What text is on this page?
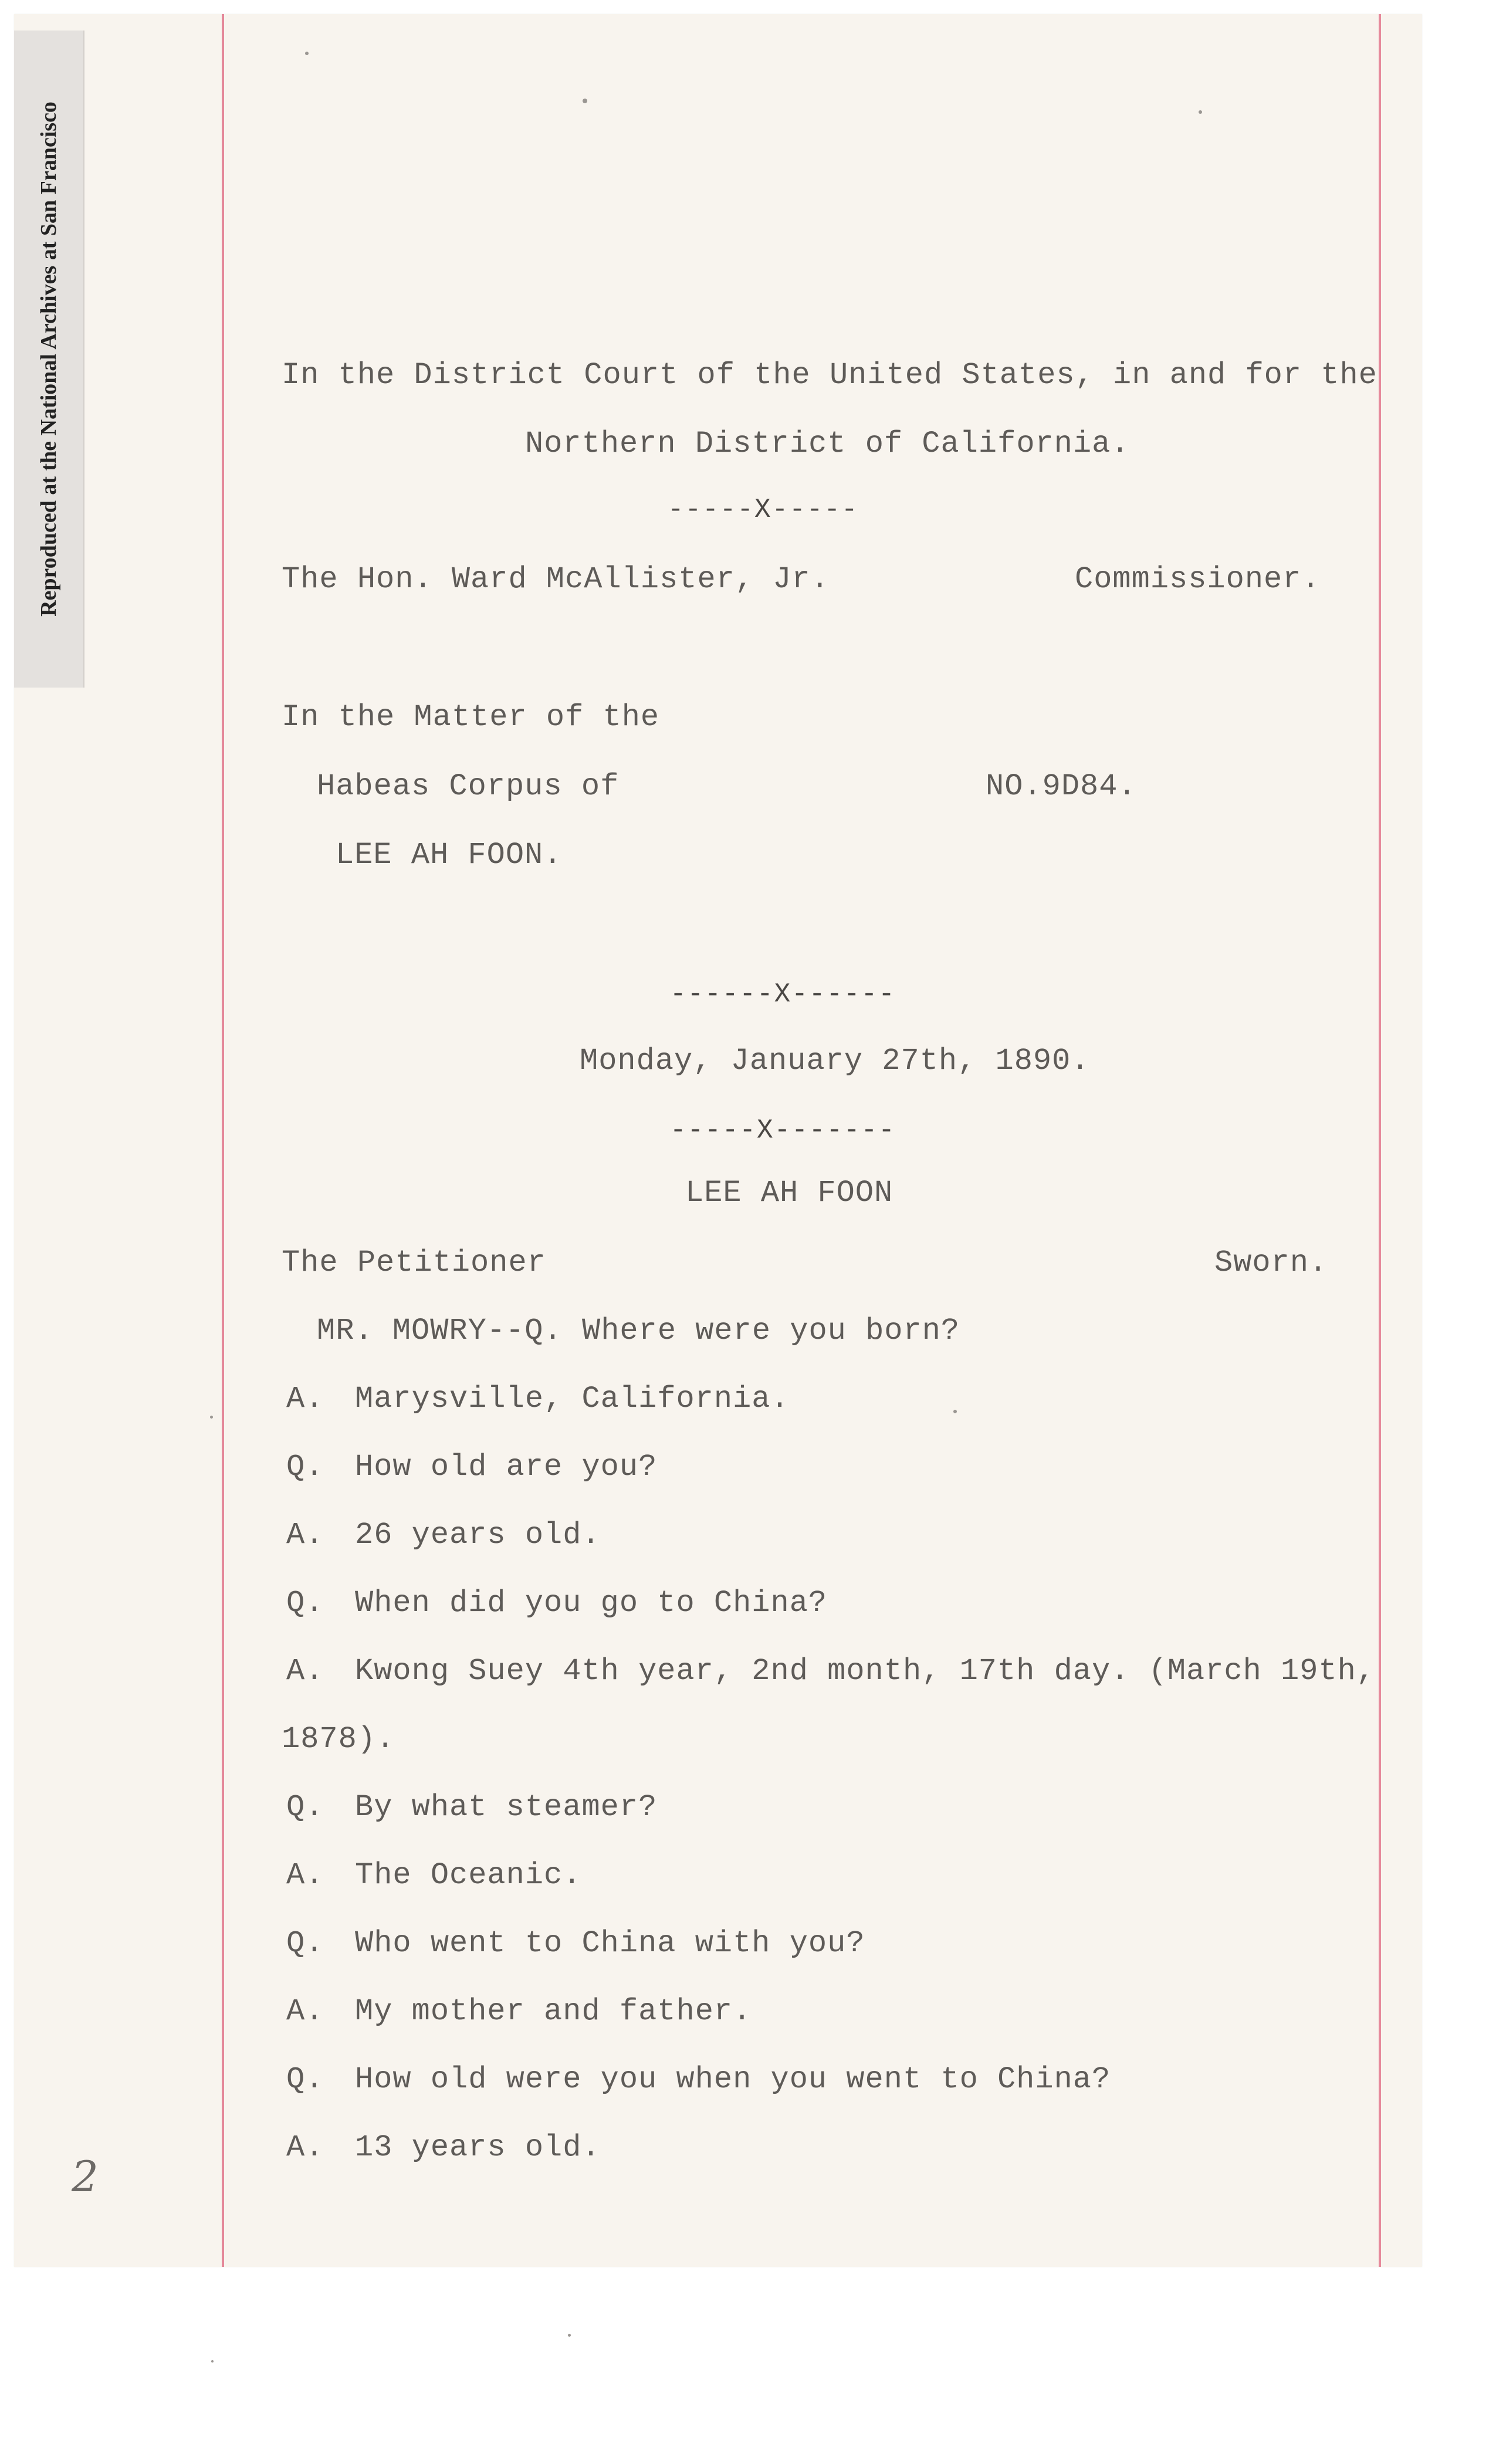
Reproduced at the National Archives at San Francisco	In the District Court of the United States, in and for the
Northern District of California.
-----X-----
The Hon. Ward McAllister, Jr.	Commissioner.
In the Matter of the
Habeas Corpus of	NO.9D84.
LEE AH FOON.
------X------
Monday, January 27th, 1890.
-----X-------
LEE AH FOON
The Petitioner	Sworn.
MR. MOWRY--Q. Where were you born?
A. Marysville, California.
Q. How old are you?
A. 26 years old.
Q. When did you go to China?
A. Kwong Suey 4th year, 2nd month, 17th day. (March 19th,
1878).
Q. By what steamer?
A. The Oceanic.
Q. Who went to China with you?
A. My mother and father.
Q. How old were you when you went to China?
A. 13 years old.
2
